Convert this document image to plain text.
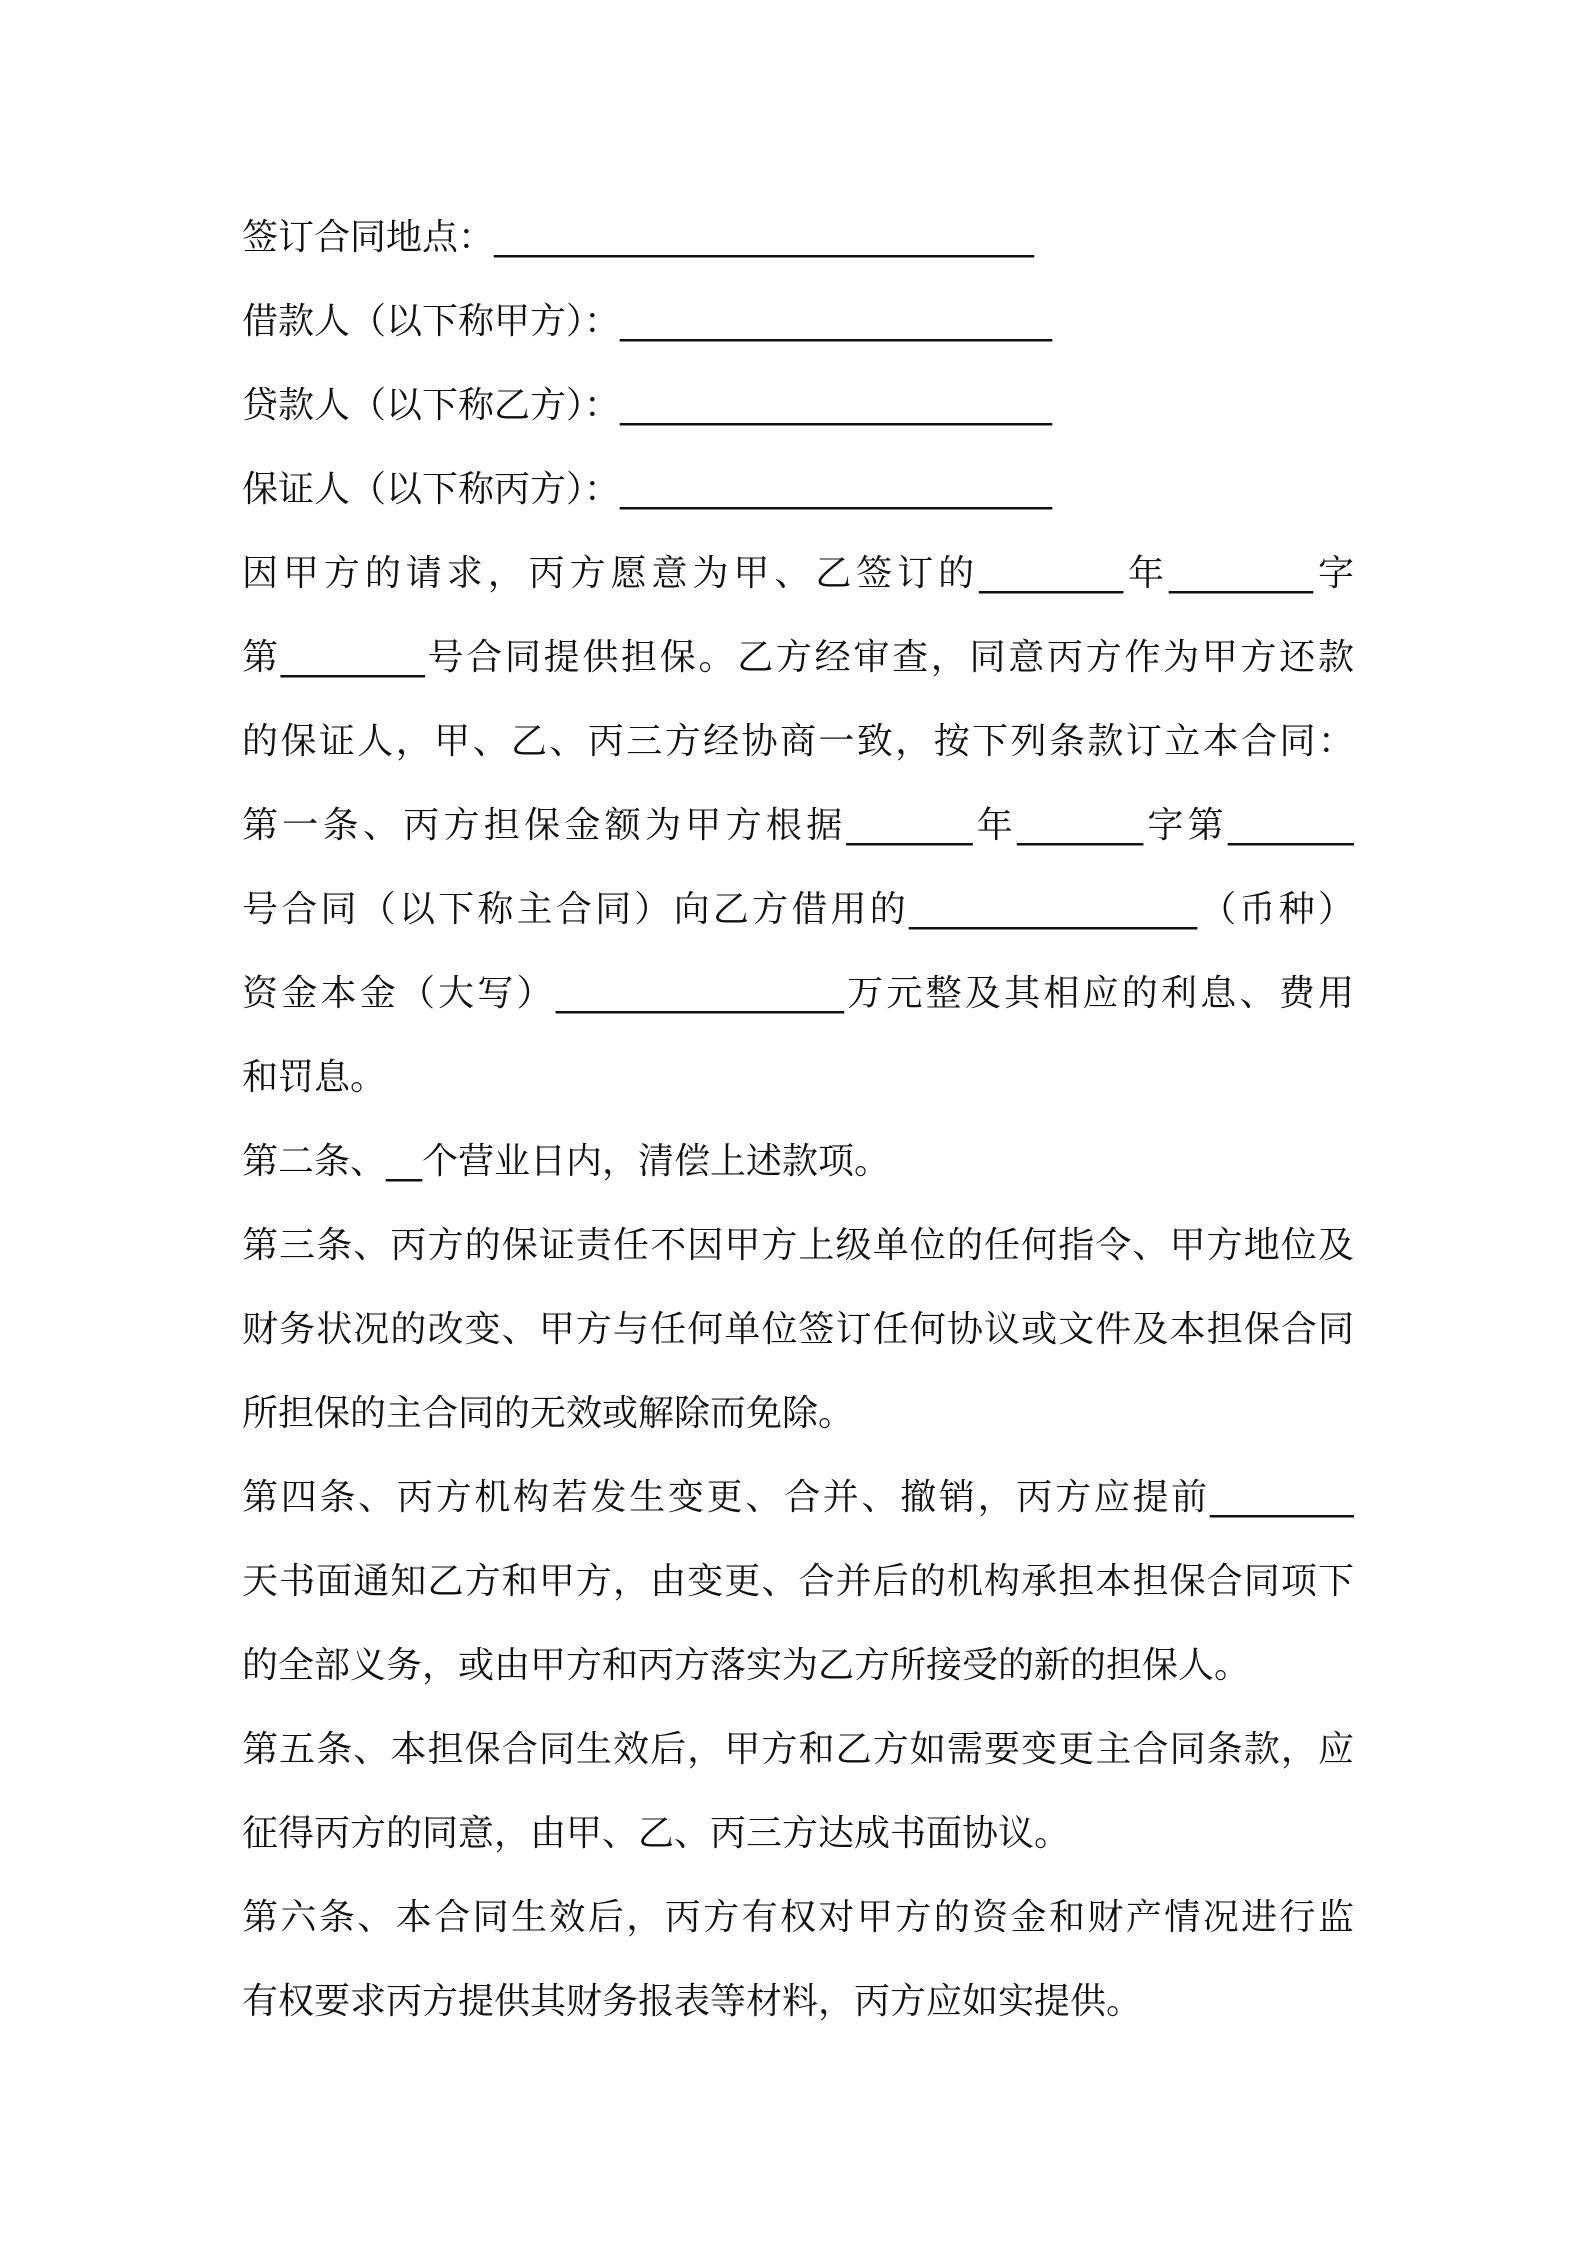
签订合同地点：______________________________
借款人（以下称甲方）：________________________
贷款人（以下称乙方）：________________________
保证人（以下称丙方）：________________________
因甲方的请求，丙方愿意为甲、乙签订的________年________字
第________号合同提供担保。乙方经审查，同意丙方作为甲方还款
的保证人，甲、乙、丙三方经协商一致，按下列条款订立本合同：
第一条、丙方担保金额为甲方根据_______年_______字第_______
号合同（以下称主合同）向乙方借用的________________（币种）
资金本金（大写）________________万元整及其相应的利息、费用
和罚息。
第二条、__个营业日内，清偿上述款项。
第三条、丙方的保证责任不因甲方上级单位的任何指令、甲方地位及
财务状况的改变、甲方与任何单位签订任何协议或文件及本担保合同
所担保的主合同的无效或解除而免除。
第四条、丙方机构若发生变更、合并、撤销，丙方应提前________
天书面通知乙方和甲方，由变更、合并后的机构承担本担保合同项下
的全部义务，或由甲方和丙方落实为乙方所接受的新的担保人。
第五条、本担保合同生效后，甲方和乙方如需要变更主合同条款，应
征得丙方的同意，由甲、乙、丙三方达成书面协议。
第六条、本合同生效后，丙方有权对甲方的资金和财产情况进行监
有权要求丙方提供其财务报表等材料，丙方应如实提供。
